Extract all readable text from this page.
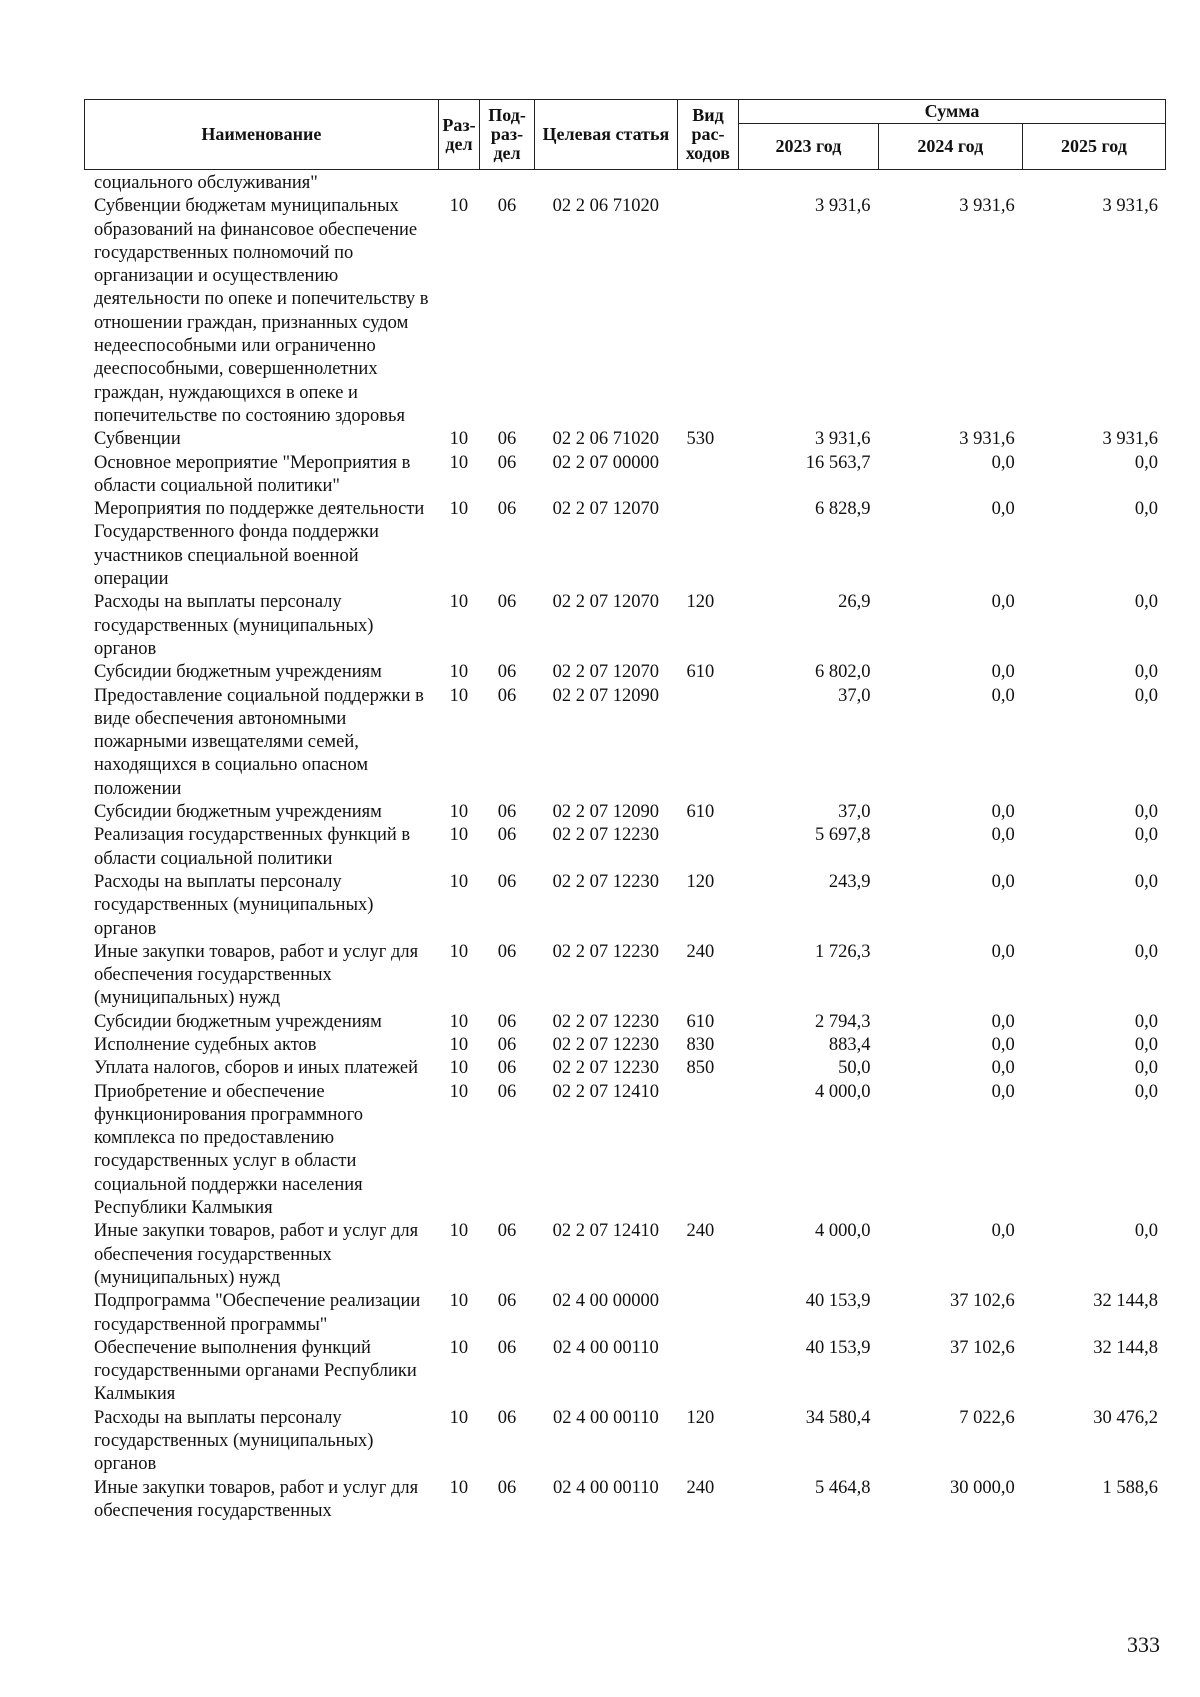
Наименование	Раз-дел	Под-раз-дел	Целевая статья	Вид рас-ходов	Сумма		
					2023 год	2024 год	2025 год
социального обслуживания"							
Субвенции бюджетам муниципальных образований на финансовое обеспечение государственных полномочий по организации и осуществлению деятельности по опеке и попечительству в отношении граждан, признанных судом недееспособными или ограниченно дееспособными, совершеннолетних граждан, нуждающихся в опеке и попечительстве по состоянию здоровья	10	06	02 2 06 71020		3 931,6	3 931,6	3 931,6
Субвенции	10	06	02 2 06 71020	530	3 931,6	3 931,6	3 931,6
Основное мероприятие "Мероприятия в области социальной политики"	10	06	02 2 07 00000		16 563,7	0,0	0,0
Мероприятия по поддержке деятельности Государственного фонда поддержки участников специальной военной операции	10	06	02 2 07 12070		6 828,9	0,0	0,0
Расходы на выплаты персоналу государственных (муниципальных) органов	10	06	02 2 07 12070	120	26,9	0,0	0,0
Субсидии бюджетным учреждениям	10	06	02 2 07 12070	610	6 802,0	0,0	0,0
Предоставление социальной поддержки в виде обеспечения автономными пожарными извещателями семей, находящихся в социально опасном положении	10	06	02 2 07 12090		37,0	0,0	0,0
Субсидии бюджетным учреждениям	10	06	02 2 07 12090	610	37,0	0,0	0,0
Реализация государственных функций в области социальной политики	10	06	02 2 07 12230		5 697,8	0,0	0,0
Расходы на выплаты персоналу государственных (муниципальных) органов	10	06	02 2 07 12230	120	243,9	0,0	0,0
Иные закупки товаров, работ и услуг для обеспечения государственных (муниципальных) нужд	10	06	02 2 07 12230	240	1 726,3	0,0	0,0
Субсидии бюджетным учреждениям	10	06	02 2 07 12230	610	2 794,3	0,0	0,0
Исполнение судебных актов	10	06	02 2 07 12230	830	883,4	0,0	0,0
Уплата налогов, сборов и иных платежей	10	06	02 2 07 12230	850	50,0	0,0	0,0
Приобретение и обеспечение функционирования программного комплекса по предоставлению государственных услуг в области социальной поддержки населения Республики Калмыкия	10	06	02 2 07 12410		4 000,0	0,0	0,0
Иные закупки товаров, работ и услуг для обеспечения государственных (муниципальных) нужд	10	06	02 2 07 12410	240	4 000,0	0,0	0,0
Подпрограмма "Обеспечение реализации государственной программы"	10	06	02 4 00 00000		40 153,9	37 102,6	32 144,8
Обеспечение выполнения функций государственными органами Республики Калмыкия	10	06	02 4 00 00110		40 153,9	37 102,6	32 144,8
Расходы на выплаты персоналу государственных (муниципальных) органов	10	06	02 4 00 00110	120	34 580,4	7 022,6	30 476,2
Иные закупки товаров, работ и услуг для обеспечения государственных	10	06	02 4 00 00110	240	5 464,8	30 000,0	1 588,6
333
